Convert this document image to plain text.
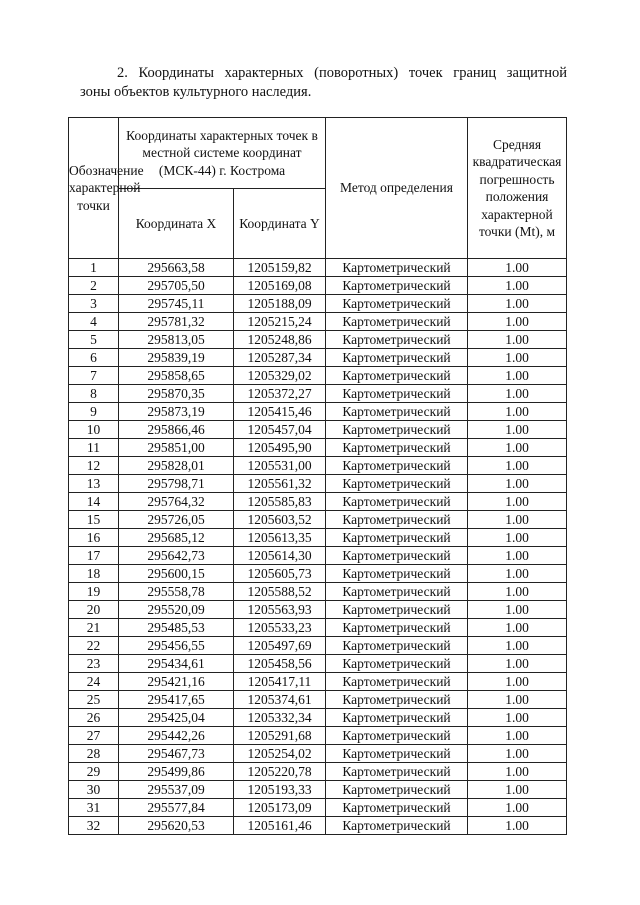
2. Координаты характерных (поворотных) точек границ защитной
зоны объектов культурного наследия.

Обозначение характерной точки	Координаты характерных точек в местной системе координат (МСК-44) г. Кострома		Метод определения	Средняя квадратическая погрешность положения характерной точки (Mt), м
	Координата X	Координата Y		
1	295663,58	1205159,82	Картометрический	1.00
2	295705,50	1205169,08	Картометрический	1.00
3	295745,11	1205188,09	Картометрический	1.00
4	295781,32	1205215,24	Картометрический	1.00
5	295813,05	1205248,86	Картометрический	1.00
6	295839,19	1205287,34	Картометрический	1.00
7	295858,65	1205329,02	Картометрический	1.00
8	295870,35	1205372,27	Картометрический	1.00
9	295873,19	1205415,46	Картометрический	1.00
10	295866,46	1205457,04	Картометрический	1.00
11	295851,00	1205495,90	Картометрический	1.00
12	295828,01	1205531,00	Картометрический	1.00
13	295798,71	1205561,32	Картометрический	1.00
14	295764,32	1205585,83	Картометрический	1.00
15	295726,05	1205603,52	Картометрический	1.00
16	295685,12	1205613,35	Картометрический	1.00
17	295642,73	1205614,30	Картометрический	1.00
18	295600,15	1205605,73	Картометрический	1.00
19	295558,78	1205588,52	Картометрический	1.00
20	295520,09	1205563,93	Картометрический	1.00
21	295485,53	1205533,23	Картометрический	1.00
22	295456,55	1205497,69	Картометрический	1.00
23	295434,61	1205458,56	Картометрический	1.00
24	295421,16	1205417,11	Картометрический	1.00
25	295417,65	1205374,61	Картометрический	1.00
26	295425,04	1205332,34	Картометрический	1.00
27	295442,26	1205291,68	Картометрический	1.00
28	295467,73	1205254,02	Картометрический	1.00
29	295499,86	1205220,78	Картометрический	1.00
30	295537,09	1205193,33	Картометрический	1.00
31	295577,84	1205173,09	Картометрический	1.00
32	295620,53	1205161,46	Картометрический	1.00
